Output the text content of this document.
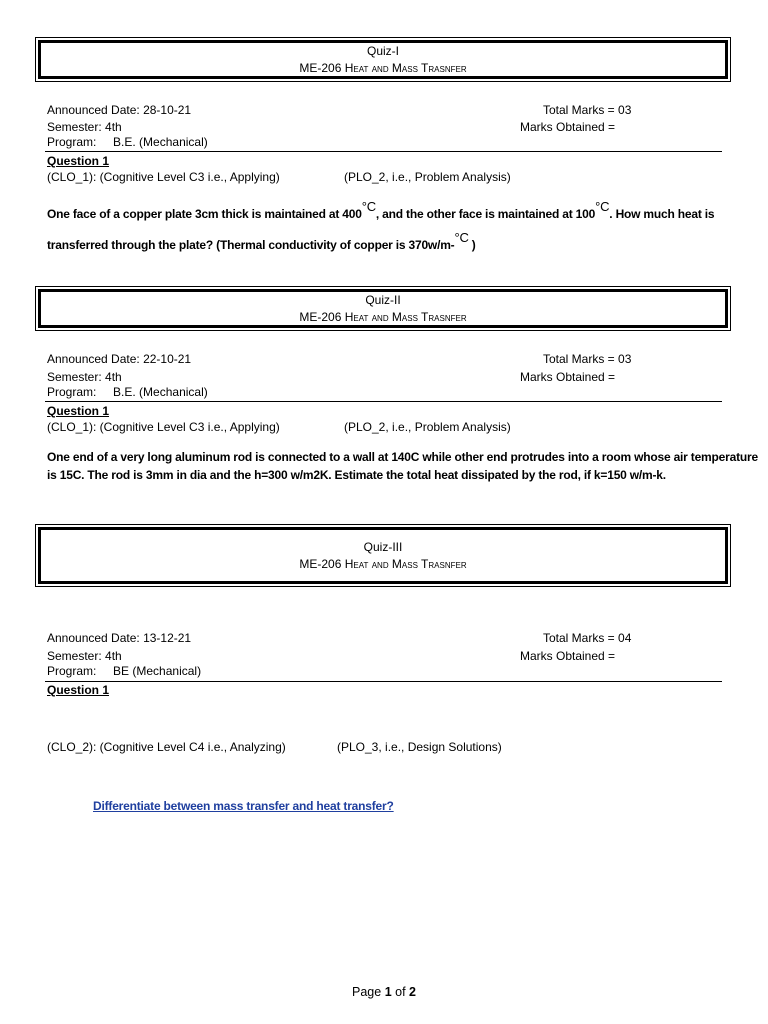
Quiz-I
ME-206 Heat and Mass Trasnfer
Announced Date: 28-10-21	Total Marks = 03
Semester: 4th	Marks Obtained =
Program: B.E. (Mechanical)
Question 1
(CLO_1): (Cognitive Level C3 i.e., Applying)	(PLO_2, i.e., Problem Analysis)
One face of a copper plate 3cm thick is maintained at 400°C, and the other face is maintained at 100°C. How much heat is
transferred through the plate? (Thermal conductivity of copper is 370w/m-°C )
Quiz-II
ME-206 Heat and Mass Trasnfer
Announced Date: 22-10-21	Total Marks = 03
Semester: 4th	Marks Obtained =
Program: B.E. (Mechanical)
Question 1
(CLO_1): (Cognitive Level C3 i.e., Applying)	(PLO_2, i.e., Problem Analysis)
One end of a very long aluminum rod is connected to a wall at 140C while other end protrudes into a room whose air temperature
is 15C. The rod is 3mm in dia and the h=300 w/m2K. Estimate the total heat dissipated by the rod, if k=150 w/m-k.
Quiz-III
ME-206 Heat and Mass Trasnfer
Announced Date: 13-12-21	Total Marks = 04
Semester: 4th	Marks Obtained =
Program: BE (Mechanical)
Question 1
(CLO_2): (Cognitive Level C4 i.e., Analyzing)	(PLO_3, i.e., Design Solutions)
Differentiate between mass transfer and heat transfer?
Page 1 of 2
